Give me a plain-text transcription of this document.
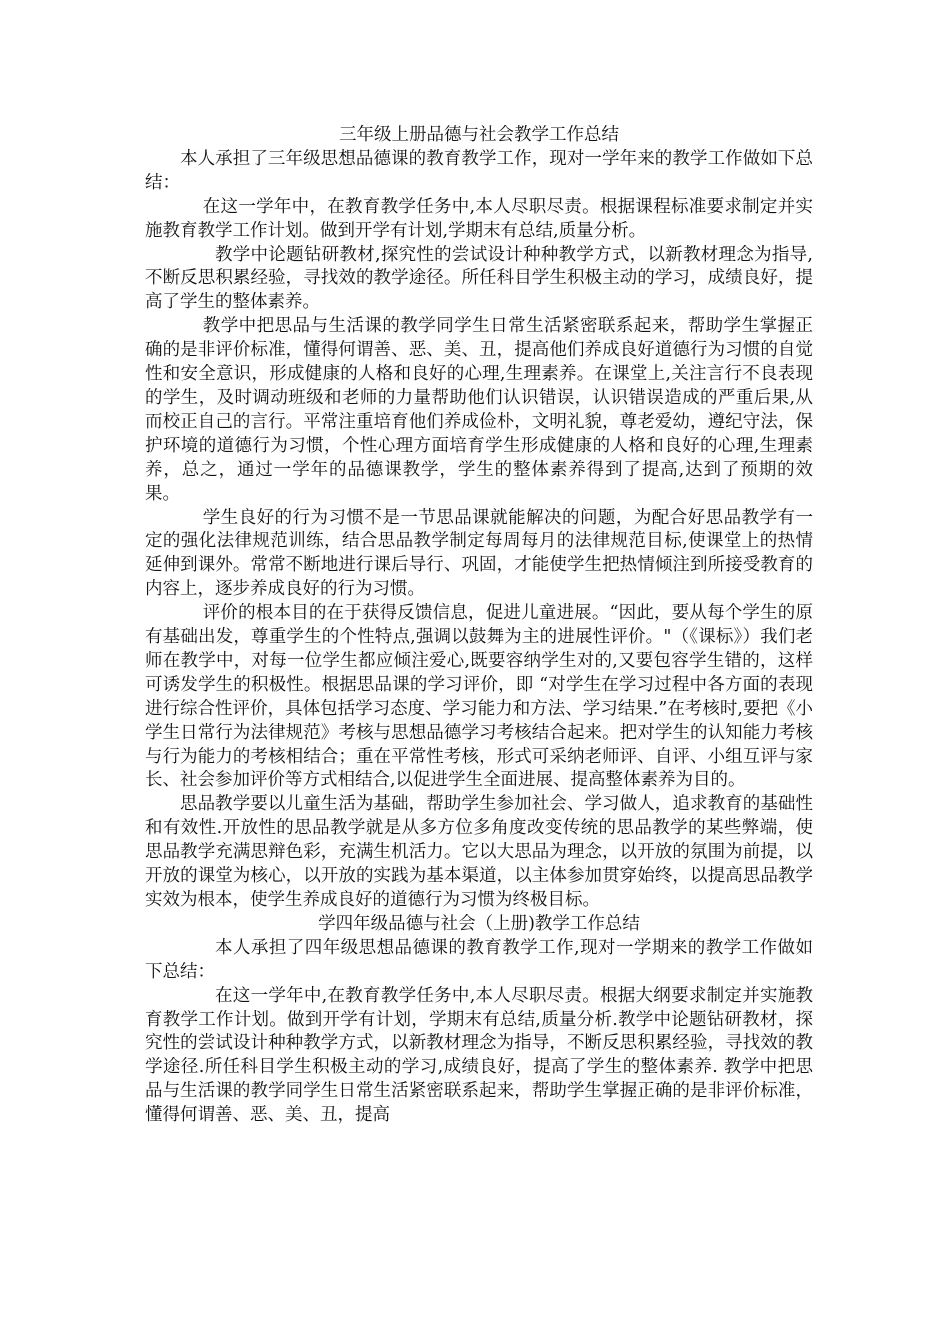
三年级上册品德与社会教学工作总结

本人承担了三年级思想品德课的教育教学工作，现对一学年来的教学工作做如下总结：

在这一学年中，在教育教学任务中,本人尽职尽责。根据课程标准要求制定并实施教育教学工作计划。做到开学有计划,学期末有总结,质量分析。

教学中论题钻研教材,探究性的尝试设计种种教学方式，以新教材理念为指导,不断反思积累经验，寻找效的教学途径。所任科目学生积极主动的学习，成绩良好，提高了学生的整体素养。

教学中把思品与生活课的教学同学生日常生活紧密联系起来，帮助学生掌握正确的是非评价标准，懂得何谓善、恶、美、丑，提高他们养成良好道德行为习惯的自觉性和安全意识，形成健康的人格和良好的心理,生理素养。在课堂上,关注言行不良表现的学生，及时调动班级和老师的力量帮助他们认识错误，认识错误造成的严重后果,从而校正自己的言行。平常注重培育他们养成俭朴，文明礼貌，尊老爱幼，遵纪守法，保护环境的道德行为习惯，个性心理方面培育学生形成健康的人格和良好的心理,生理素养，总之，通过一学年的品德课教学，学生的整体素养得到了提高,达到了预期的效果。

学生良好的行为习惯不是一节思品课就能解决的问题，为配合好思品教学有一定的强化法律规范训练，结合思品教学制定每周每月的法律规范目标,使课堂上的热情延伸到课外。常常不断地进行课后导行、巩固，才能使学生把热情倾注到所接受教育的内容上，逐步养成良好的行为习惯。

评价的根本目的在于获得反馈信息，促进儿童进展。“因此，要从每个学生的原有基础出发，尊重学生的个性特点,强调以鼓舞为主的进展性评价。"（《课标》）我们老师在教学中，对每一位学生都应倾注爱心,既要容纳学生对的,又要包容学生错的，这样可诱发学生的积极性。根据思品课的学习评价，即 “对学生在学习过程中各方面的表现进行综合性评价，具体包括学习态度、学习能力和方法、学习结果.”在考核时,要把《小学生日常行为法律规范》考核与思想品德学习考核结合起来。把对学生的认知能力考核与行为能力的考核相结合；重在平常性考核，形式可采纳老师评、自评、小组互评与家长、社会参加评价等方式相结合,以促进学生全面进展、提高整体素养为目的。

思品教学要以儿童生活为基础，帮助学生参加社会、学习做人，追求教育的基础性和有效性.开放性的思品教学就是从多方位多角度改变传统的思品教学的某些弊端，使思品教学充满思辩色彩，充满生机活力。它以大思品为理念，以开放的氛围为前提，以开放的课堂为核心，以开放的实践为基本渠道，以主体参加贯穿始终，以提高思品教学实效为根本，使学生养成良好的道德行为习惯为终极目标。

学四年级品德与社会（上册)教学工作总结

本人承担了四年级思想品德课的教育教学工作,现对一学期来的教学工作做如下总结：

在这一学年中,在教育教学任务中,本人尽职尽责。根据大纲要求制定并实施教育教学工作计划。做到开学有计划，学期末有总结,质量分析.教学中论题钻研教材，探究性的尝试设计种种教学方式，以新教材理念为指导，不断反思积累经验，寻找效的教学途径.所任科目学生积极主动的学习,成绩良好，提高了学生的整体素养. 教学中把思品与生活课的教学同学生日常生活紧密联系起来，帮助学生掌握正确的是非评价标准，懂得何谓善、恶、美、丑，提高
